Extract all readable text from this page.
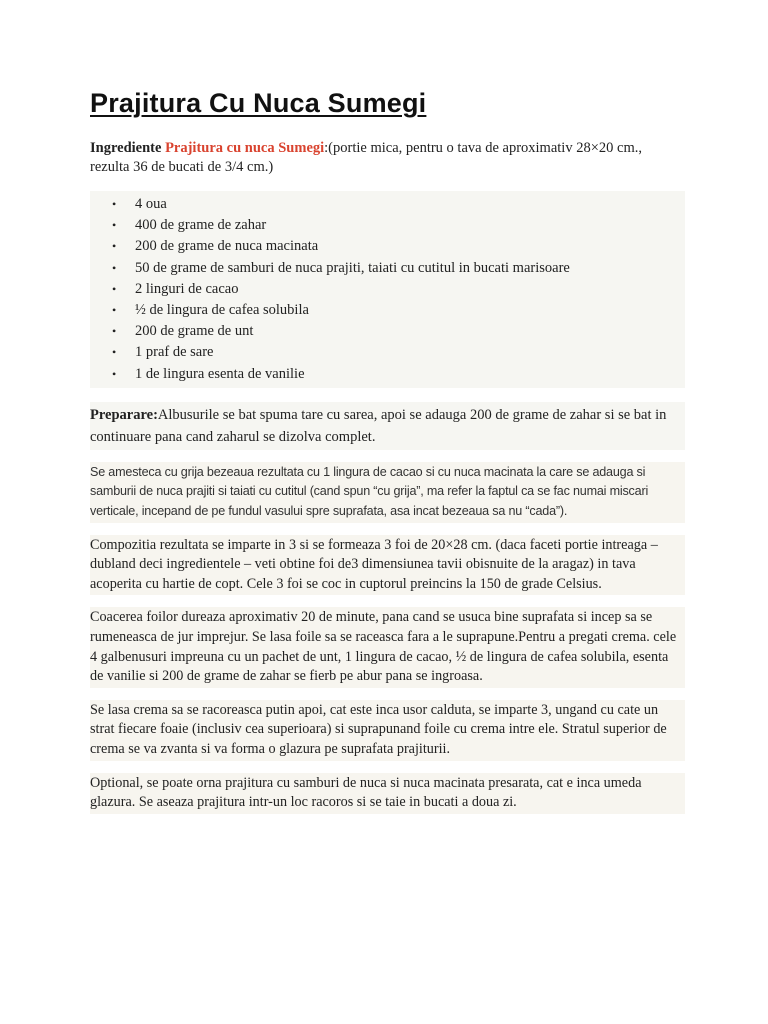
Prajitura Cu Nuca Sumegi

Ingrediente Prajitura cu nuca Sumegi:(portie mica, pentru o tava de aproximativ 28×20 cm., rezulta 36 de bucati de 3/4 cm.)

• 4 oua
• 400 de grame de zahar
• 200 de grame de nuca macinata
• 50 de grame de samburi de nuca prajiti, taiati cu cutitul in bucati marisoare
• 2 linguri de cacao
• ½ de lingura de cafea solubila
• 200 de grame de unt
• 1 praf de sare
• 1 de lingura esenta de vanilie

Preparare:Albusurile se bat spuma tare cu sarea, apoi se adauga 200 de grame de zahar si se bat in continuare pana cand zaharul se dizolva complet.

Se amesteca cu grija bezeaua rezultata cu 1 lingura de cacao si cu nuca macinata la care se adauga si samburii de nuca prajiti si taiati cu cutitul (cand spun “cu grija”, ma refer la faptul ca se fac numai miscari verticale, incepand de pe fundul vasului spre suprafata, asa incat bezeaua sa nu “cada”).

Compozitia rezultata se imparte in 3 si se formeaza 3 foi de 20×28 cm. (daca faceti portie intreaga – dubland deci ingredientele – veti obtine foi de3 dimensiunea tavii obisnuite de la aragaz) in tava acoperita cu hartie de copt. Cele 3 foi se coc in cuptorul preincins la 150 de grade Celsius.

Coacerea foilor dureaza aproximativ 20 de minute, pana cand se usuca bine suprafata si incep sa se rumeneasca de jur imprejur. Se lasa foile sa se raceasca fara a le suprapune.Pentru a pregati crema. cele 4 galbenusuri impreuna cu un pachet de unt, 1 lingura de cacao, ½ de lingura de cafea solubila, esenta de vanilie si 200 de grame de zahar se fierb pe abur pana se ingroasa.

Se lasa crema sa se racoreasca putin apoi, cat este inca usor calduta, se imparte 3, ungand cu cate un strat fiecare foaie (inclusiv cea superioara) si suprapunand foile cu crema intre ele. Stratul superior de crema se va zvanta si va forma o glazura pe suprafata prajiturii.

Optional, se poate orna prajitura cu samburi de nuca si nuca macinata presarata, cat e inca umeda glazura. Se aseaza prajitura intr-un loc racoros si se taie in bucati a doua zi.
